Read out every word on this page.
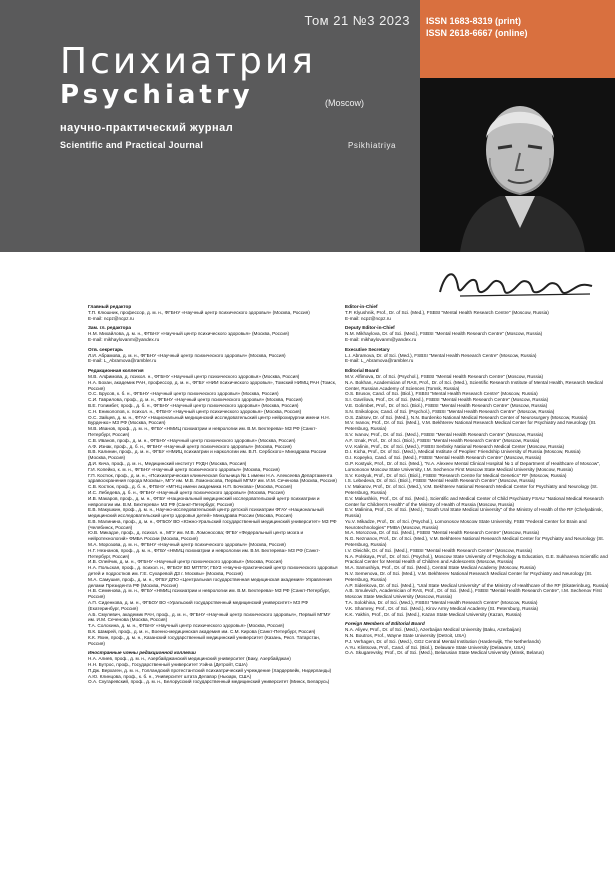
Том 21 №3 2023 ISSN 1683-8319 (print)
ISSN 2618-6667 (online)
Психиатрия
Psychiatry	(Moscow)
научно-практический журнал
Scientific and Practical Journal	Psikhiatriya
Главный редактор
Т.П. Клюшник, профессор, д. м. н., ФГБНУ «Научный центр психического здоровья» (Москва, Россия)
E-mail: ncpz@ncpz.ru
Зам. гл. редактора
Н.М. Михайлова, д. м. н., ФГБНУ «Научный центр психического здоровья» (Москва, Россия)
E-mail: mikhaylovanm@yandex.ru
Отв. секретарь
Л.И. Абрамова, д. м. н., ФГБНУ «Научный центр психического здоровья» (Москва, Россия)
E-mail: L_Abramova@rambler.ru
Редакционная коллегия
М.В. Алфимова, д. психол. н., ФГБНУ «Научный центр психического здоровья» (Москва, Россия)
Н.А. Бохан, академик РАН, профессор, д. м. н., ФГБУ «НИИ психического здоровья», Томский НИМЦ РАН (Томск, Россия)
О.С. Брусов, к. б. н., ФГБНУ «Научный центр психического здоровья» (Москва, Россия)
С.И. Гаврилова, проф., д. м. н., ФГБНУ «Научный центр психического здоровья» (Москва, Россия)
В.Е. Голимбет, проф., д. б. н., ФГБНУ «Научный центр психического здоровья» (Москва, Россия)
С.Н. Ениколопов, к. психол. н., ФГБНУ «Научный центр психического здоровья» (Москва, Россия)
О.С. Зайцев, д. м. н., ФГАУ «Национальный медицинский исследовательский центр нейрохирургии имени Н.Н. Бурденко» МЗ РФ (Москва, Россия)
М.В. Иванов, проф., д. м. н., ФГБУ «НМИЦ психиатрии и неврологии им. В.М. Бехтерева» МЗ РФ (Санкт-Петербург, Россия)
С.В. Иванов, проф., д. м. н., ФГБНУ «Научный центр психического здоровья» (Москва, Россия)
А.Ф. Изнак, проф., д. б. н., ФГБНУ «Научный центр психического здоровья» (Москва, Россия)
В.В. Калинин, проф., д. м. н., ФГБУ «НМИЦ психиатрии и наркологии им. В.П. Сербского» Минздрава России (Москва, Россия)
Д.И. Кича, проф., д. м. н., Медицинский институт РУДН (Москва, Россия)
Г.И. Копейко, к. м. н., ФГБНУ «Научный центр психического здоровья» (Москва, Россия)
Г.П. Костюк, проф., д. м. н., «Психиатрическая клиническая больница № 1 имени Н.А. Алексеева Департамента здравоохранения города Москвы», МГУ им. М.В. Ломоносова, Первый МГМУ им. И.М. Сеченова (Москва, Россия)
С.В. Костюк, проф., д. б. н., ФГБНУ «МГНЦ имени академика Н.П. Бочкова» (Москва, Россия)
И.С. Лебедева, д. б. н., ФГБНУ «Научный центр психического здоровья» (Москва, Россия)
И.В. Макаров, проф., д. м. н., ФГБУ «Национальный медицинский исследовательский центр психиатрии и неврологии им. В.М. Бехтерева» МЗ РФ (Санкт-Петербург, Россия)
Е.В. Макушкин, проф., д. м. н., Научно-исследовательский центр детской психиатрии ФГАУ «Национальный медицинский исследовательский центр здоровья детей» Минздрава России (Москва, Россия)
Е.В. Малинина, проф., д. м. н., ФГБОУ ВО «Южно-Уральский государственный медицинский университет» МЗ РФ (Челябинск, Россия)
Ю.В. Микадзе, проф., д. психол. н., МГУ им. М.В. Ломоносова; ФГБУ «Федеральный центр мозга и нейротехнологий» ФМБА России (Москва, Россия)
М.А. Морозова, д. м. н., ФГБНУ «Научный центр психического здоровья» (Москва, Россия)
Н.Г. Незнанов, проф., д. м. н., ФГБУ «НМИЦ психиатрии и неврологии им. В.М. Бехтерева» МЗ РФ (Санкт-Петербург, Россия)
И.В. Олейчик, д. м. н., ФГБНУ «Научный центр психического здоровья» (Москва, Россия)
Н.А. Польская, проф., д. психол. н., ФГБОУ ВО МГППУ; ГБУЗ «Научно-практический центр психического здоровья детей и подростков им. Г.Е. Сухаревой ДЗ г. Москвы» (Москва, Россия)
М.А. Самушия, проф., д. м. н., ФГБУ ДПО «Центральная государственная медицинская академия» Управления делами Президента РФ (Москва, Россия)
Н.В. Семенова, д. м. н., ФГБУ «НМИЦ психиатрии и неврологии им. В.М. Бехтерева» МЗ РФ (Санкт-Петербург, Россия)
А.П. Сиденкова, д. м. н., ФГБОУ ВО «Уральский государственный медицинский университет» МЗ РФ (Екатеринбург, Россия)
А.Б. Смулевич, академик РАН, проф., д. м. н., ФГБНУ «Научный центр психического здоровья», Первый МГМУ им. И.М. Сеченова (Москва, Россия)
Т.А. Солохина, д. м. н., ФГБНУ «Научный центр психического здоровья» (Москва, Россия)
В.К. Шамрей, проф., д. м. н., Военно-медицинская академия им. С.М. Кирова (Санкт-Петербург, Россия)
К.К. Яхин, проф., д. м. н., Казанский государственный медицинский университет (Казань, Респ. Татарстан, Россия)
Иностранные члены редакционной коллегии
Н.А. Алиев, проф., д. м. н., Азербайджанский медицинский университет (Баку, Азербайджан)
Н.Н. Бутрос, проф., Государственный университет Уэйна (Детройт, США)
П.Дж. Верхаген, д. м. н., Голландский протестантский психиатрический учреждение (Хардервейк, Нидерланды)
А.Ю. Клинцова, проф., к. б. н., Университет штата Делавэр (Ньюарк, США)
О.А. Скугаревский, проф., д. м. н., Белорусский государственный медицинский университет (Минск, Беларусь)
Editor-in-Chief
T.P. Klyushnik, Prof., Dr. of Sci. (Med.), FSBSI "Mental Health Research Centre" (Moscow, Russia)
E-mail: ncpz@ncpz.ru
Deputy Editor-in-Chief
N.M. Mikhaylova, Dr. of Sci. (Med.), FSBSI "Mental Health Research Centre" (Moscow, Russia)
E-mail: mikhaylovanm@yandex.ru
Executive Secretary
L.I. Abramova, Dr. of Sci. (Med.), FSBSI "Mental Health Research Centre" (Moscow, Russia)
E-mail: L_Abramova@rambler.ru
Editorial Board
M.V. Alfimova, Dr. of Sci. (Psychol.), FSBSI "Mental Health Research Centre" (Moscow, Russia)
N.A. Bokhan, Academician of RAS, Prof., Dr. of Sci. (Med.), Scientific Research Institute of Mental Health, Research Medical Center, Russian Academy of Sciences (Tomsk, Russia)
O.S. Brusov, Cand. of Sci. (Biol.), FSBSI "Mental Health Research Centre" (Moscow, Russia)
S.I. Gavrilova, Prof., Dr. of Sci. (Med.), FSBSI "Mental Health Research Centre" (Moscow, Russia)
V.E. Golimbet, Prof., Dr. of Sci. (Biol.), FSBSI "Mental Health Research Centre" (Moscow, Russia)
S.N. Enikolopov, Cand. of Sci. (Psychol.), FSBSI "Mental Health Research Centre" (Moscow, Russia)
O.S. Zaitsev, Dr. of Sci. (Med.), N.N. Burdenko National Medical Research Center of Neurosurgery (Moscow, Russia)
M.V. Ivanov, Prof., Dr. of Sci. (Med.), V.M. Bekhterev National Research Medical Center for Psychiatry and Neurology (St. Petersburg, Russia)
S.V. Ivanov, Prof., Dr. of Sci. (Med.), FSBSI "Mental Health Research Centre" (Moscow, Russia)
A.F. Iznak, Prof., Dr. of Sci. (Biol.), FSBSI "Mental Health Research Centre" (Moscow, Russia)
V.V. Kalinin, Prof., Dr. of Sci. (Med.), FSBSI Serbsky National Research Medical Center (Moscow, Russia)
D.I. Kicha, Prof., Dr. of Sci. (Med.), Medical Institute of Peoples' Friendship University of Russia (Moscow, Russia)
G.I. Kopeyko, Cand. of Sci. (Med.), FSBSI "Mental Health Research Centre" (Moscow, Russia)
G.P. Kostyuk, Prof., Dr. of Sci. (Med.), "N.A. Alexeev Mental Clinical Hospital № 1 of Department of Healthcare of Moscow", Lomonosov Moscow State University, I.M. Sechenov First Moscow State Medical University (Moscow, Russia)
S.V. Kostyuk, Prof., Dr. of Sci. (Biol.), FSBSI "Research Centre for Medical Genetics" RF (Moscow, Russia)
I.S. Lebedeva, Dr. of Sci. (Biol.), FSBSI "Mental Health Research Centre" (Moscow, Russia)
I.V. Makarov, Prof., Dr. of Sci. (Med.), V.M. Bekhterev National Research Medical Center for Psychiatry and Neurology (St. Petersburg, Russia)
E.V. Makushkin, Prof., Dr. of Sci. (Med.), Scientific and Medical Center of Child Psychiatry FSAU "National Medical Research Center for Children's Health" of the Ministry of Health of Russia (Moscow, Russia)
E.V. Malinina, Prof., Dr. of Sci. (Med.), "South Ural State Medical University" of the Ministry of Health of the RF (Chelyabinsk, Russia)
Yu.V. Mikadze, Prof., Dr. of Sci. (Psychol.), Lomonosov Moscow State University, FSBI "Federal Center for Brain and Neurotechnologies" FMBA (Moscow, Russia)
M.A. Morozova, Dr. of Sci. (Med.), FSBSI "Mental Health Research Centre" (Moscow, Russia)
N.G. Neznanov, Prof., Dr. of Sci. (Med.), V.M. Bekhterev National Research Medical Center for Psychiatry and Neurology (St. Petersburg, Russia)
I.V. Oleichik, Dr. of Sci. (Med.), FSBSI "Mental Health Research Centre" (Moscow, Russia)
N.A. Polskaya, Prof., Dr. of Sci. (Psychol.), Moscow State University of Psychology & Education, G.E. Sukhareva Scientific and Practical Center for Mental Health of Children and Adolescents (Moscow, Russia)
M.A. Samushiya, Prof., Dr. of Sci. (Med.), Central State Medical Academy (Moscow, Russia)
N.V. Semenova, Dr. of Sci. (Med.), V.M. Bekhterev National Research Medical Center for Psychiatry and Neurology (St. Petersburg, Russia)
A.P. Sidenkova, Dr. of Sci. (Med.), "Ural State Medical University" of the Ministry of Healthcare of the RF (Ekaterinburg, Russia)
A.B. Smulevich, Academician of RAS, Prof., Dr. of Sci. (Med.), FSBSI "Mental Health Research Centre", I.M. Sechenov First Moscow State Medical University (Moscow, Russia)
T.A. Solokhina, Dr. of Sci. (Med.), FSBSI "Mental Health Research Centre" (Moscow, Russia)
V.K. Shamrey, Prof., Dr. of Sci. (Med.), Kirov Army Medical Academy (St. Petersburg, Russia)
K.K. Yakhin, Prof., Dr. of Sci. (Med.), Kazan State Medical University (Kazan, Russia)
Foreign Members of Editorial Board
N.A. Aliyev, Prof., Dr. of Sci. (Med.), Azerbaijan Medical University (Baku, Azerbaijan)
N.N. Boutros, Prof., Wayne State University (Detroit, USA)
P.J. Verhagen, Dr. of Sci. (Med.), GGz Central Mental Institution (Harderwijk, The Netherlands)
A.Yu. Klintsova, Prof., Cand. of Sci. (Biol.), Delaware State University (Delaware, USA)
O.A. Skugarevsky, Prof., Dr. of Sci. (Med.), Belarusian State Medical University (Minsk, Belarus)
